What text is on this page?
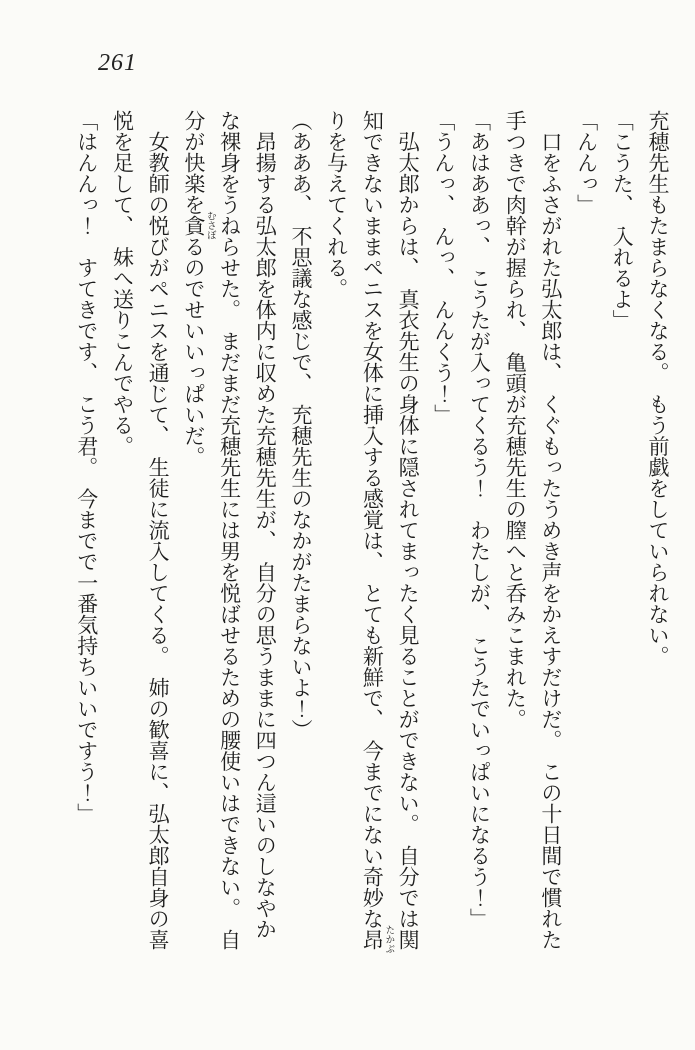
261

充穂先生もたまらなくなる。　もう前戯をしていられない。

「こうた、　入れるよ」

「んんっ」

口をふさがれた弘太郎は、　くぐもったうめき声をかえすだけだ。　この十日間で慣れた手つきで肉幹が握られ、　亀頭が充穂先生の膣へと呑みこまれた。

「あはああっ、　こうたが入ってくるう！　わたしが、　こうたでいっぱいになるう！」

「うんっ、　んっ、　んんくう！」

弘太郎からは、　真衣先生の身体に隠されてまったく見ることができない。　自分では関知できないままペニスを女体に挿入する感覚は、　とても新鮮で、　今までにない奇妙な昂 たかぶりを与えてくれる。

（あああ、　不思議な感じで、　充穂先生のなかがたまらないよ！）

昂揚する弘太郎を体内に収めた充穂先生が、　自分の思うままに四つん這いのしなやかな裸身をうねらせた。　まだまだ充穂先生には男を悦ばせるための腰使いはできない。　自分が快楽を貪 むさぼるのでせいいっぱいだ。

女教師の悦びがペニスを通じて、　生徒に流入してくる。　姉の歓喜に、弘太郎自身の喜悦を足して、　妹へ送りこんでやる。

「はんんっ！　すてきです、　こう君。　今までで一番気持ちいいですう！」
